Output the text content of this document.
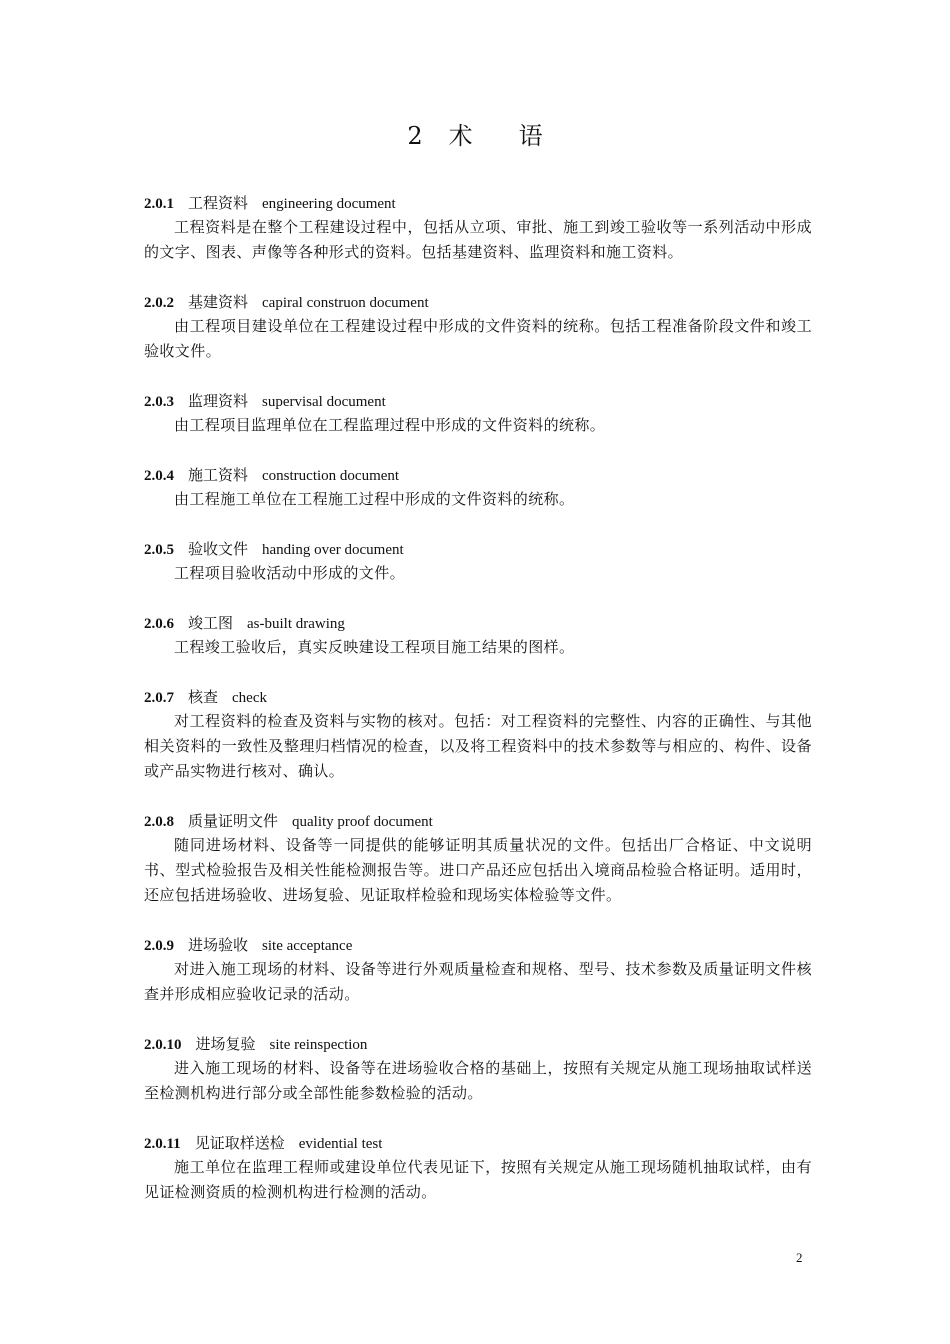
2 术 语
2.0.1 工程资料 engineering document

工程资料是在整个工程建设过程中，包括从立项、审批、施工到竣工验收等一系列活动中形成的文字、图表、声像等各种形式的资料。包括基建资料、监理资料和施工资料。

2.0.2 基建资料 capiral construon document

由工程项目建设单位在工程建设过程中形成的文件资料的统称。包括工程准备阶段文件和竣工验收文件。

2.0.3 监理资料 supervisal document

由工程项目监理单位在工程监理过程中形成的文件资料的统称。

2.0.4 施工资料 construction document

由工程施工单位在工程施工过程中形成的文件资料的统称。

2.0.5 验收文件 handing over document

工程项目验收活动中形成的文件。

2.0.6 竣工图 as-built drawing

工程竣工验收后，真实反映建设工程项目施工结果的图样。

2.0.7 核查 check

对工程资料的检查及资料与实物的核对。包括：对工程资料的完整性、内容的正确性、与其他相关资料的一致性及整理归档情况的检查，以及将工程资料中的技术参数等与相应的、构件、设备或产品实物进行核对、确认。

2.0.8 质量证明文件 quality proof document

随同进场材料、设备等一同提供的能够证明其质量状况的文件。包括出厂合格证、中文说明书、型式检验报告及相关性能检测报告等。进口产品还应包括出入境商品检验合格证明。适用时，还应包括进场验收、进场复验、见证取样检验和现场实体检验等文件。

2.0.9 进场验收 site acceptance

对进入施工现场的材料、设备等进行外观质量检查和规格、型号、技术参数及质量证明文件核查并形成相应验收记录的活动。

2.0.10 进场复验 site reinspection

进入施工现场的材料、设备等在进场验收合格的基础上，按照有关规定从施工现场抽取试样送至检测机构进行部分或全部性能参数检验的活动。

2.0.11 见证取样送检 evidential test

施工单位在监理工程师或建设单位代表见证下，按照有关规定从施工现场随机抽取试样，由有见证检测资质的检测机构进行检测的活动。

2
